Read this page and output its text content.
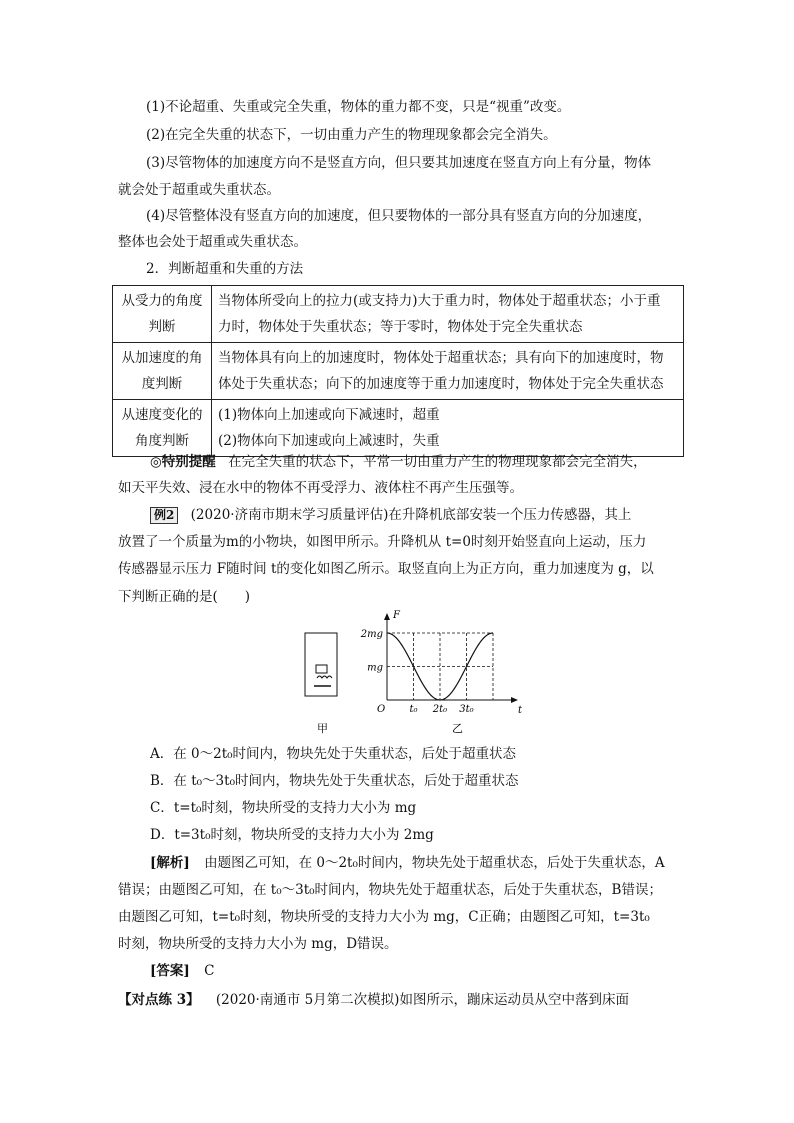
(1)不论超重、失重或完全失重，物体的重力都不变，只是“视重”改变。
(2)在完全失重的状态下，一切由重力产生的物理现象都会完全消失。
(3)尽管物体的加速度方向不是竖直方向，但只要其加速度在竖直方向上有分量，物体
就会处于超重或失重状态。
(4)尽管整体没有竖直方向的加速度，但只要物体的一部分具有竖直方向的分加速度，
整体也会处于超重或失重状态。
2．判断超重和失重的方法
从受力的角度判断	当物体所受向上的拉力(或支持力)大于重力时，物体处于超重状态；小于重
力时，物体处于失重状态；等于零时，物体处于完全失重状态

从加速度的角度判断	当物体具有向上的加速度时，物体处于超重状态；具有向下的加速度时，物
体处于失重状态；向下的加速度等于重力加速度时，物体处于完全失重状态

从速度变化的角度判断	(1)物体向上加速或向下减速时，超重
(2)物体向下加速或向上减速时，失重
◎特别提醒 在完全失重的状态下，平常一切由重力产生的物理现象都会完全消失，
如天平失效、浸在水中的物体不再受浮力、液体柱不再产生压强等。
例2 (2020·济南市期末学习质量评估)在升降机底部安装一个压力传感器，其上
放置了一个质量为m的小物块，如图甲所示。升降机从 t=0时刻开始竖直向上运动，压力
传感器显示压力 F随时间 t的变化如图乙所示。取竖直向上为正方向，重力加速度为 g，以
下判断正确的是(　　)
甲
F
t
O
2mg
mg
t₀ 2t₀ 3t₀
乙
A．在 0～2t₀时间内，物块先处于失重状态，后处于超重状态
B．在 t₀～3t₀时间内，物块先处于失重状态，后处于超重状态
C．t=t₀时刻，物块所受的支持力大小为 mg
D．t=3t₀时刻，物块所受的支持力大小为 2mg
[解析] 由题图乙可知，在 0～2t₀时间内，物块先处于超重状态，后处于失重状态，A
错误；由题图乙可知，在 t₀～3t₀时间内，物块先处于超重状态，后处于失重状态，B错误；
由题图乙可知，t=t₀时刻，物块所受的支持力大小为 mg，C正确；由题图乙可知，t=3t₀
时刻，物块所受的支持力大小为 mg，D错误。
[答案] C
【对点练 3】 (2020·南通市 5月第二次模拟)如图所示，蹦床运动员从空中落到床面
